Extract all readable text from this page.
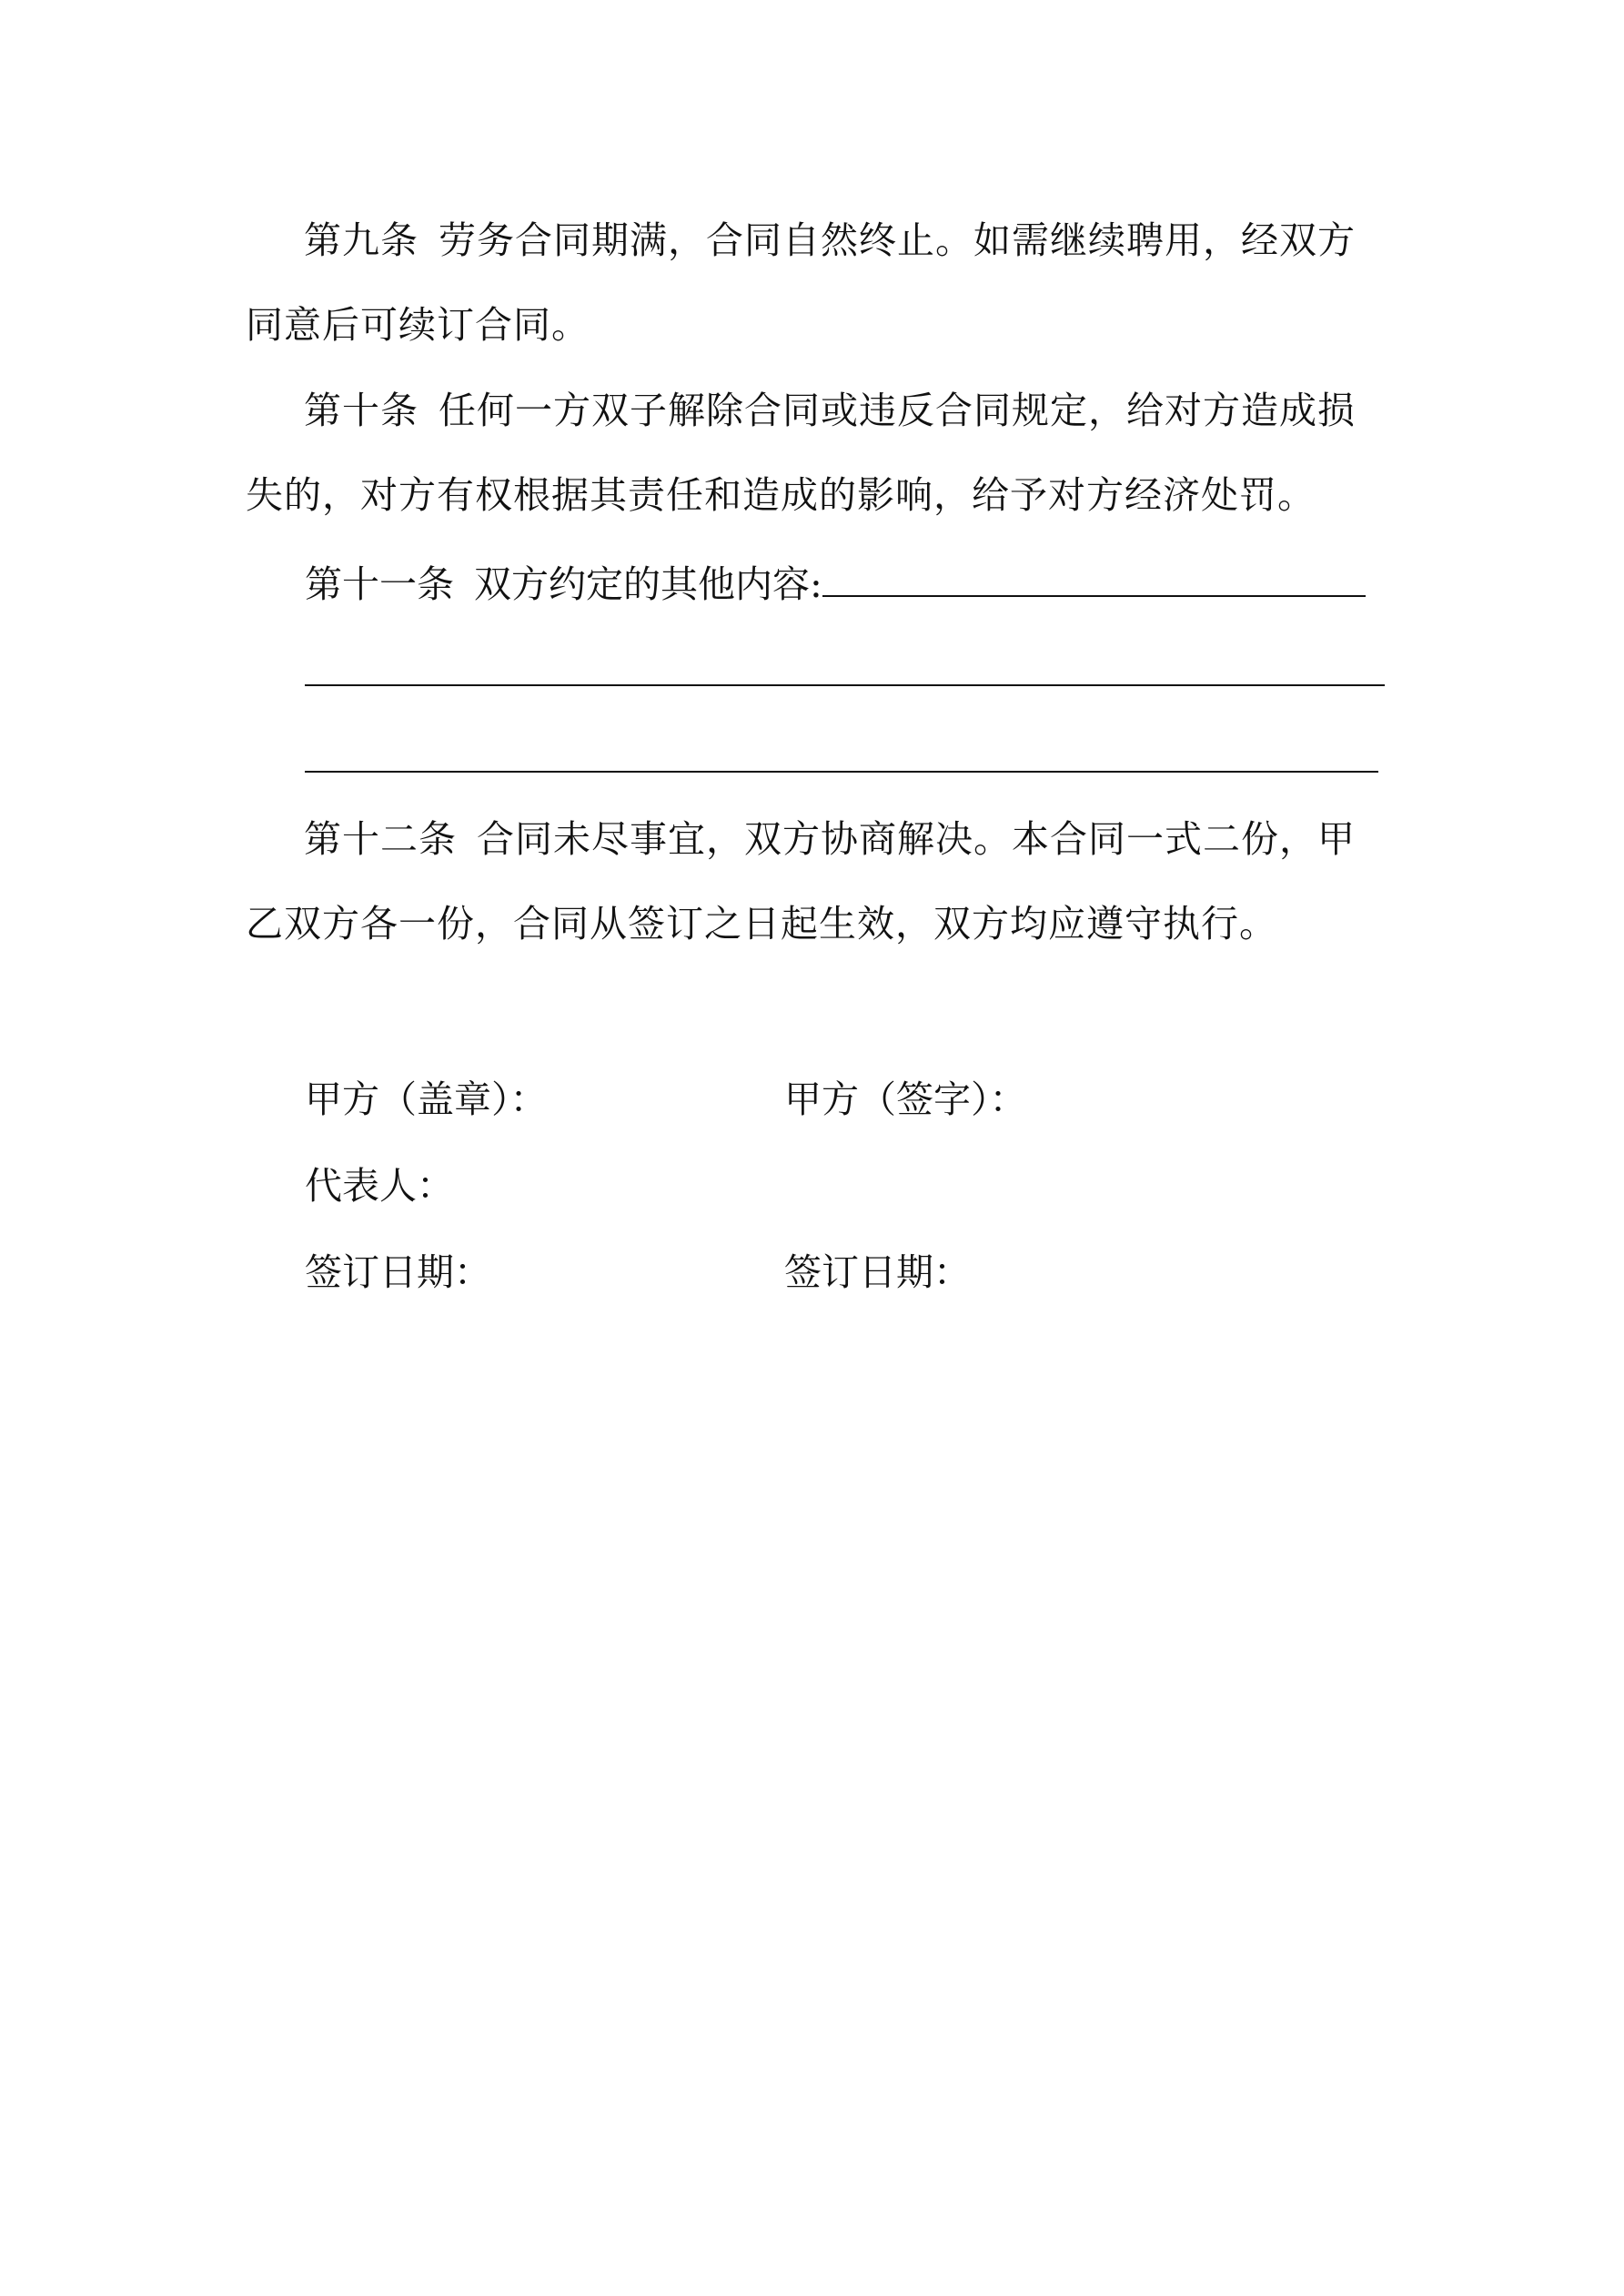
第九条 劳务合同期满，合同自然终止。如需继续聘用，经双方同意后可续订合同。

第十条 任何一方双子解除合同或违反合同规定，给对方造成损失的，对方有权根据其责任和造成的影响，给予对方经济处罚。

第十一条 双方约定的其他内容:

第十二条 合同未尽事宜，双方协商解决。本合同一式二份，甲乙双方各一份，合同从签订之日起生效，双方均应遵守执行。

甲方（盖章）：	甲方（签字）：

代表人：

签订日期：	签订日期：
